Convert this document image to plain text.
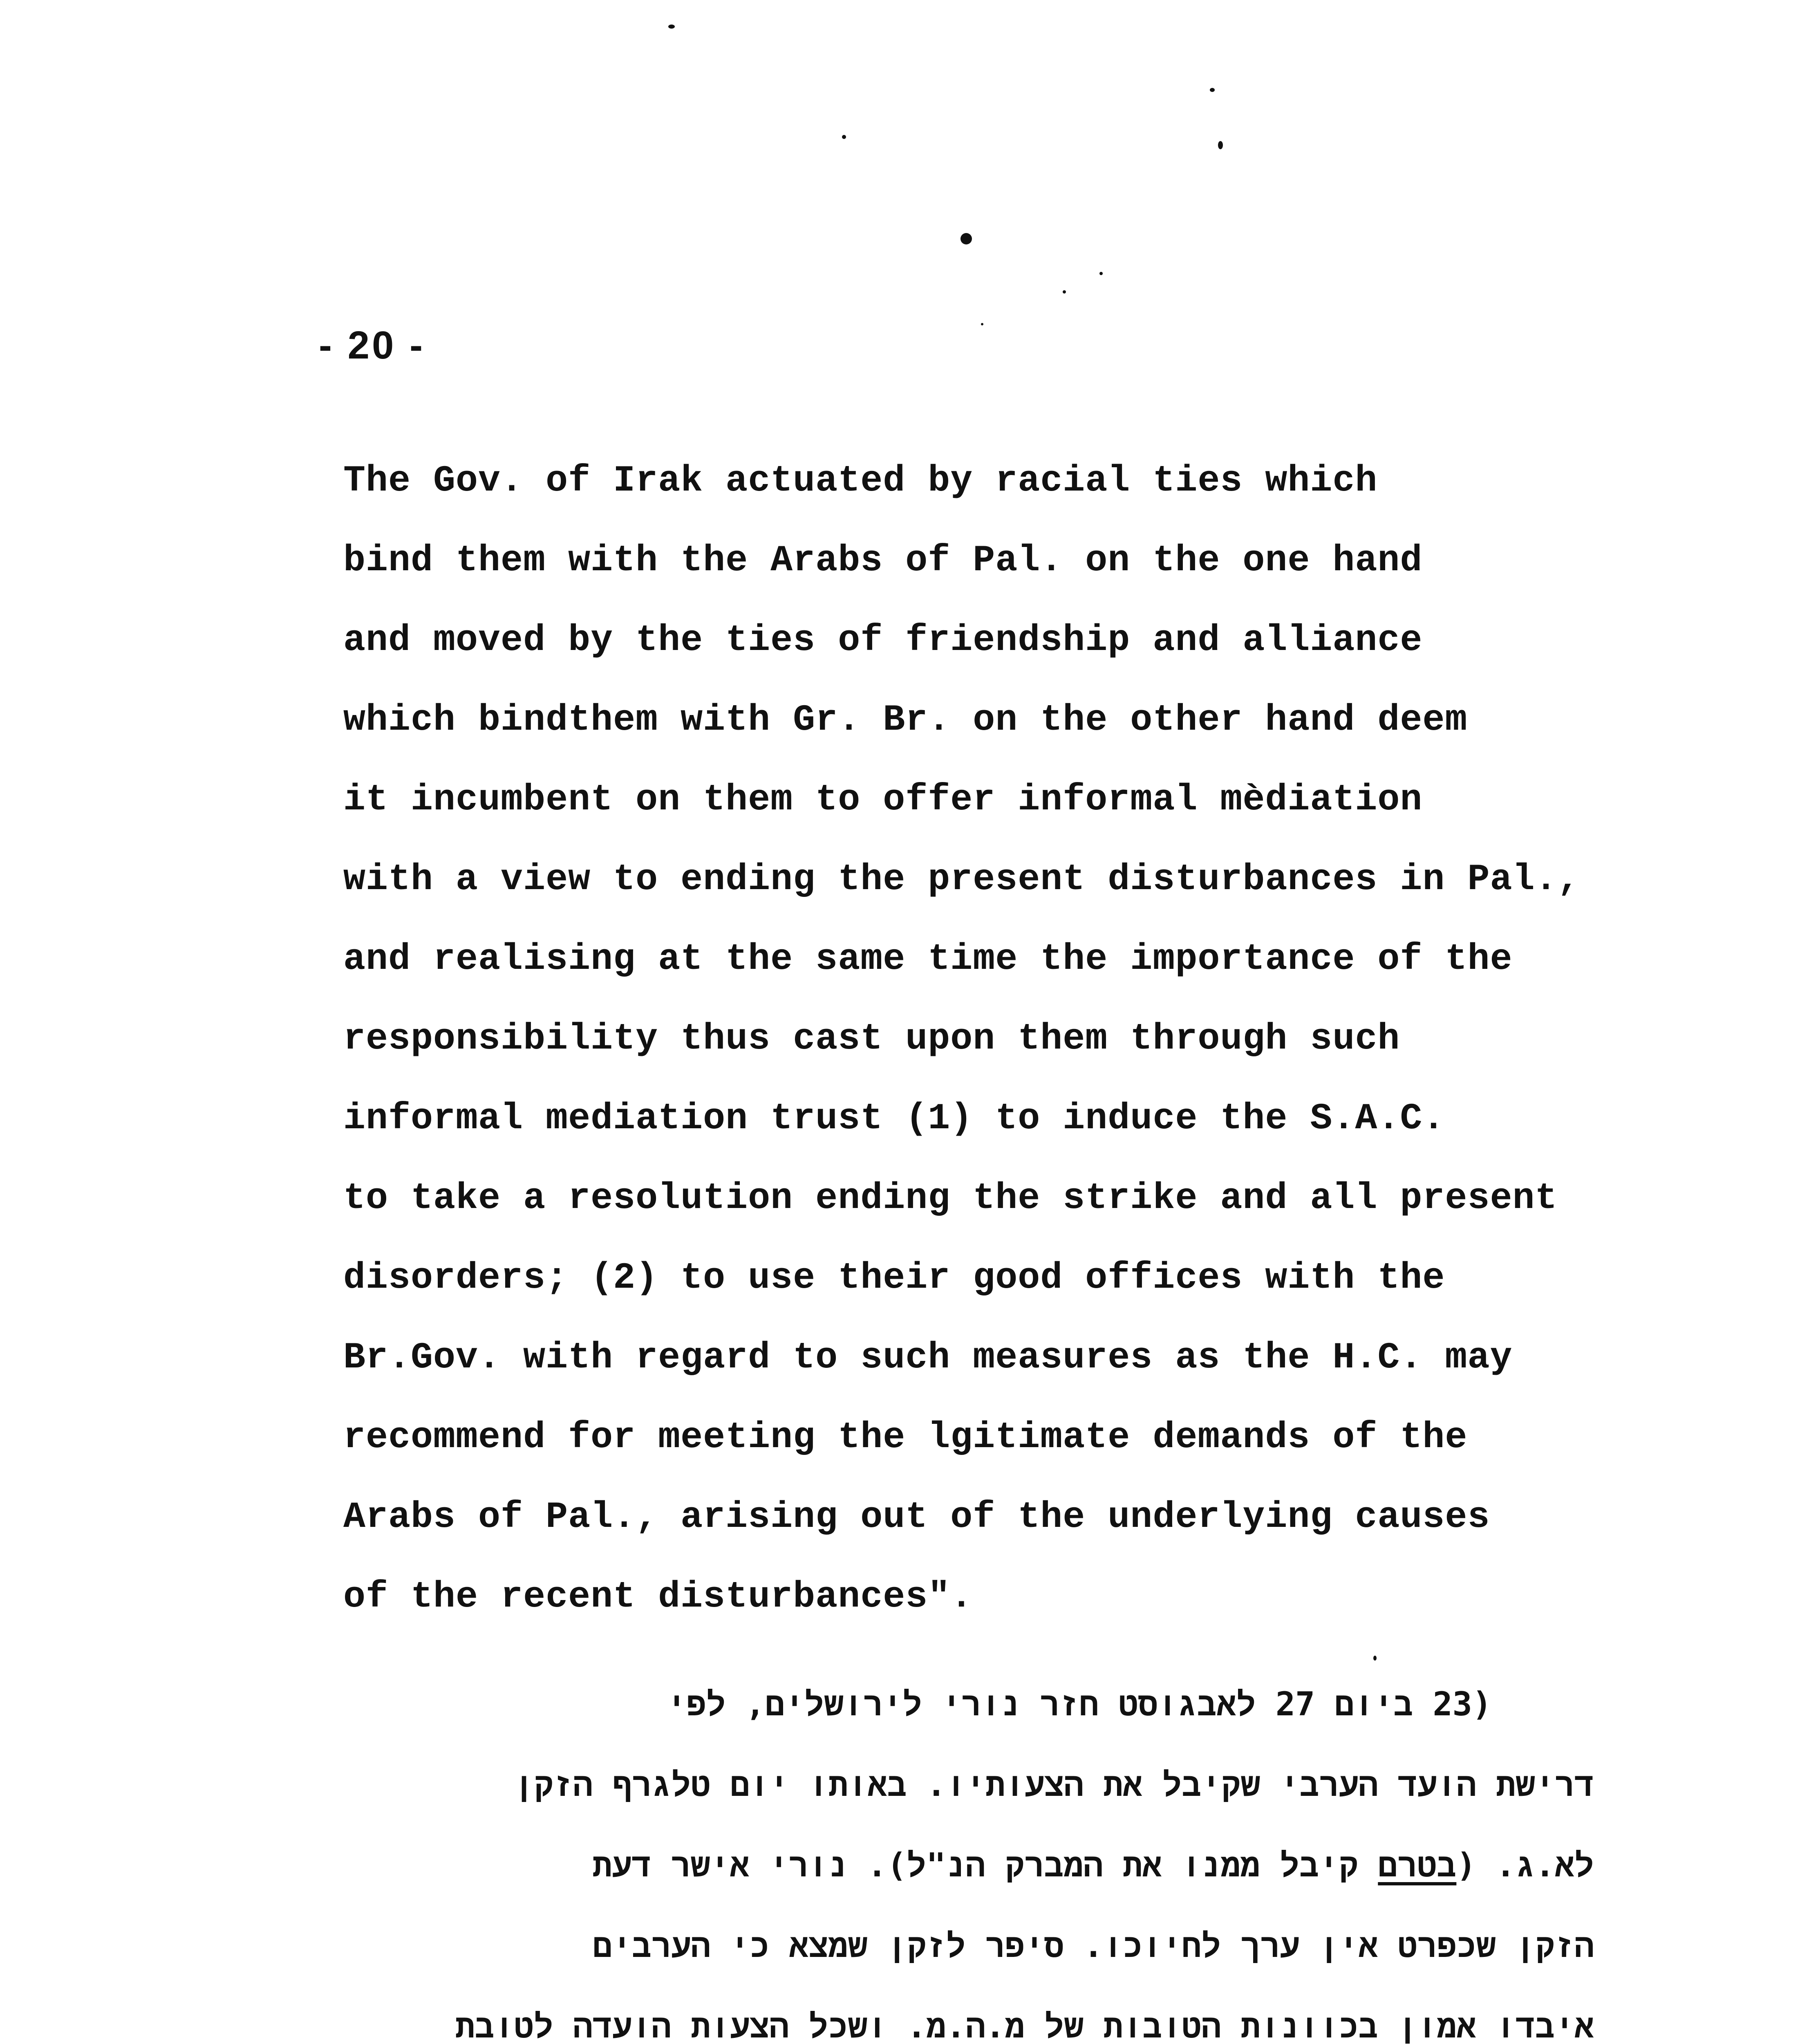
- 20 -
The Gov. of Irak actuated by racial ties which
bind them with the Arabs of Pal. on the one hand
and moved by the ties of friendship and alliance
which bindthem with Gr. Br. on the other hand deem
it incumbent on them to offer informal mèdiation
with a view to ending the present disturbances in Pal.,
and realising at the same time the importance of the
responsibility thus cast upon them through such
informal mediation trust (1) to induce the S.A.C.
to take a resolution ending the strike and all present
disorders; (2) to use their good offices with the
Br.Gov. with regard to such measures as the H.C. may
recommend for meeting the lgitimate demands of the
Arabs of Pal., arising out of the underlying causes
of the recent disturbances".
(23 ביום 27 לאבגוסט חזר נורי לירושלים, לפי
דרישת הועד הערבי שקיבל את הצעותיו. באותו יום טלגרף הזקן
לא.ג. (בטרם קיבל ממנו את המברק הנ"ל). נורי אישר דעת
הזקן שכפרט אין ערך לחיוכו. סיפר לזקן שמצא כי הערבים
איבדו אמון בכוונות הטובות של מ.ה.מ. ושכל הצעות הועדה לטובת
